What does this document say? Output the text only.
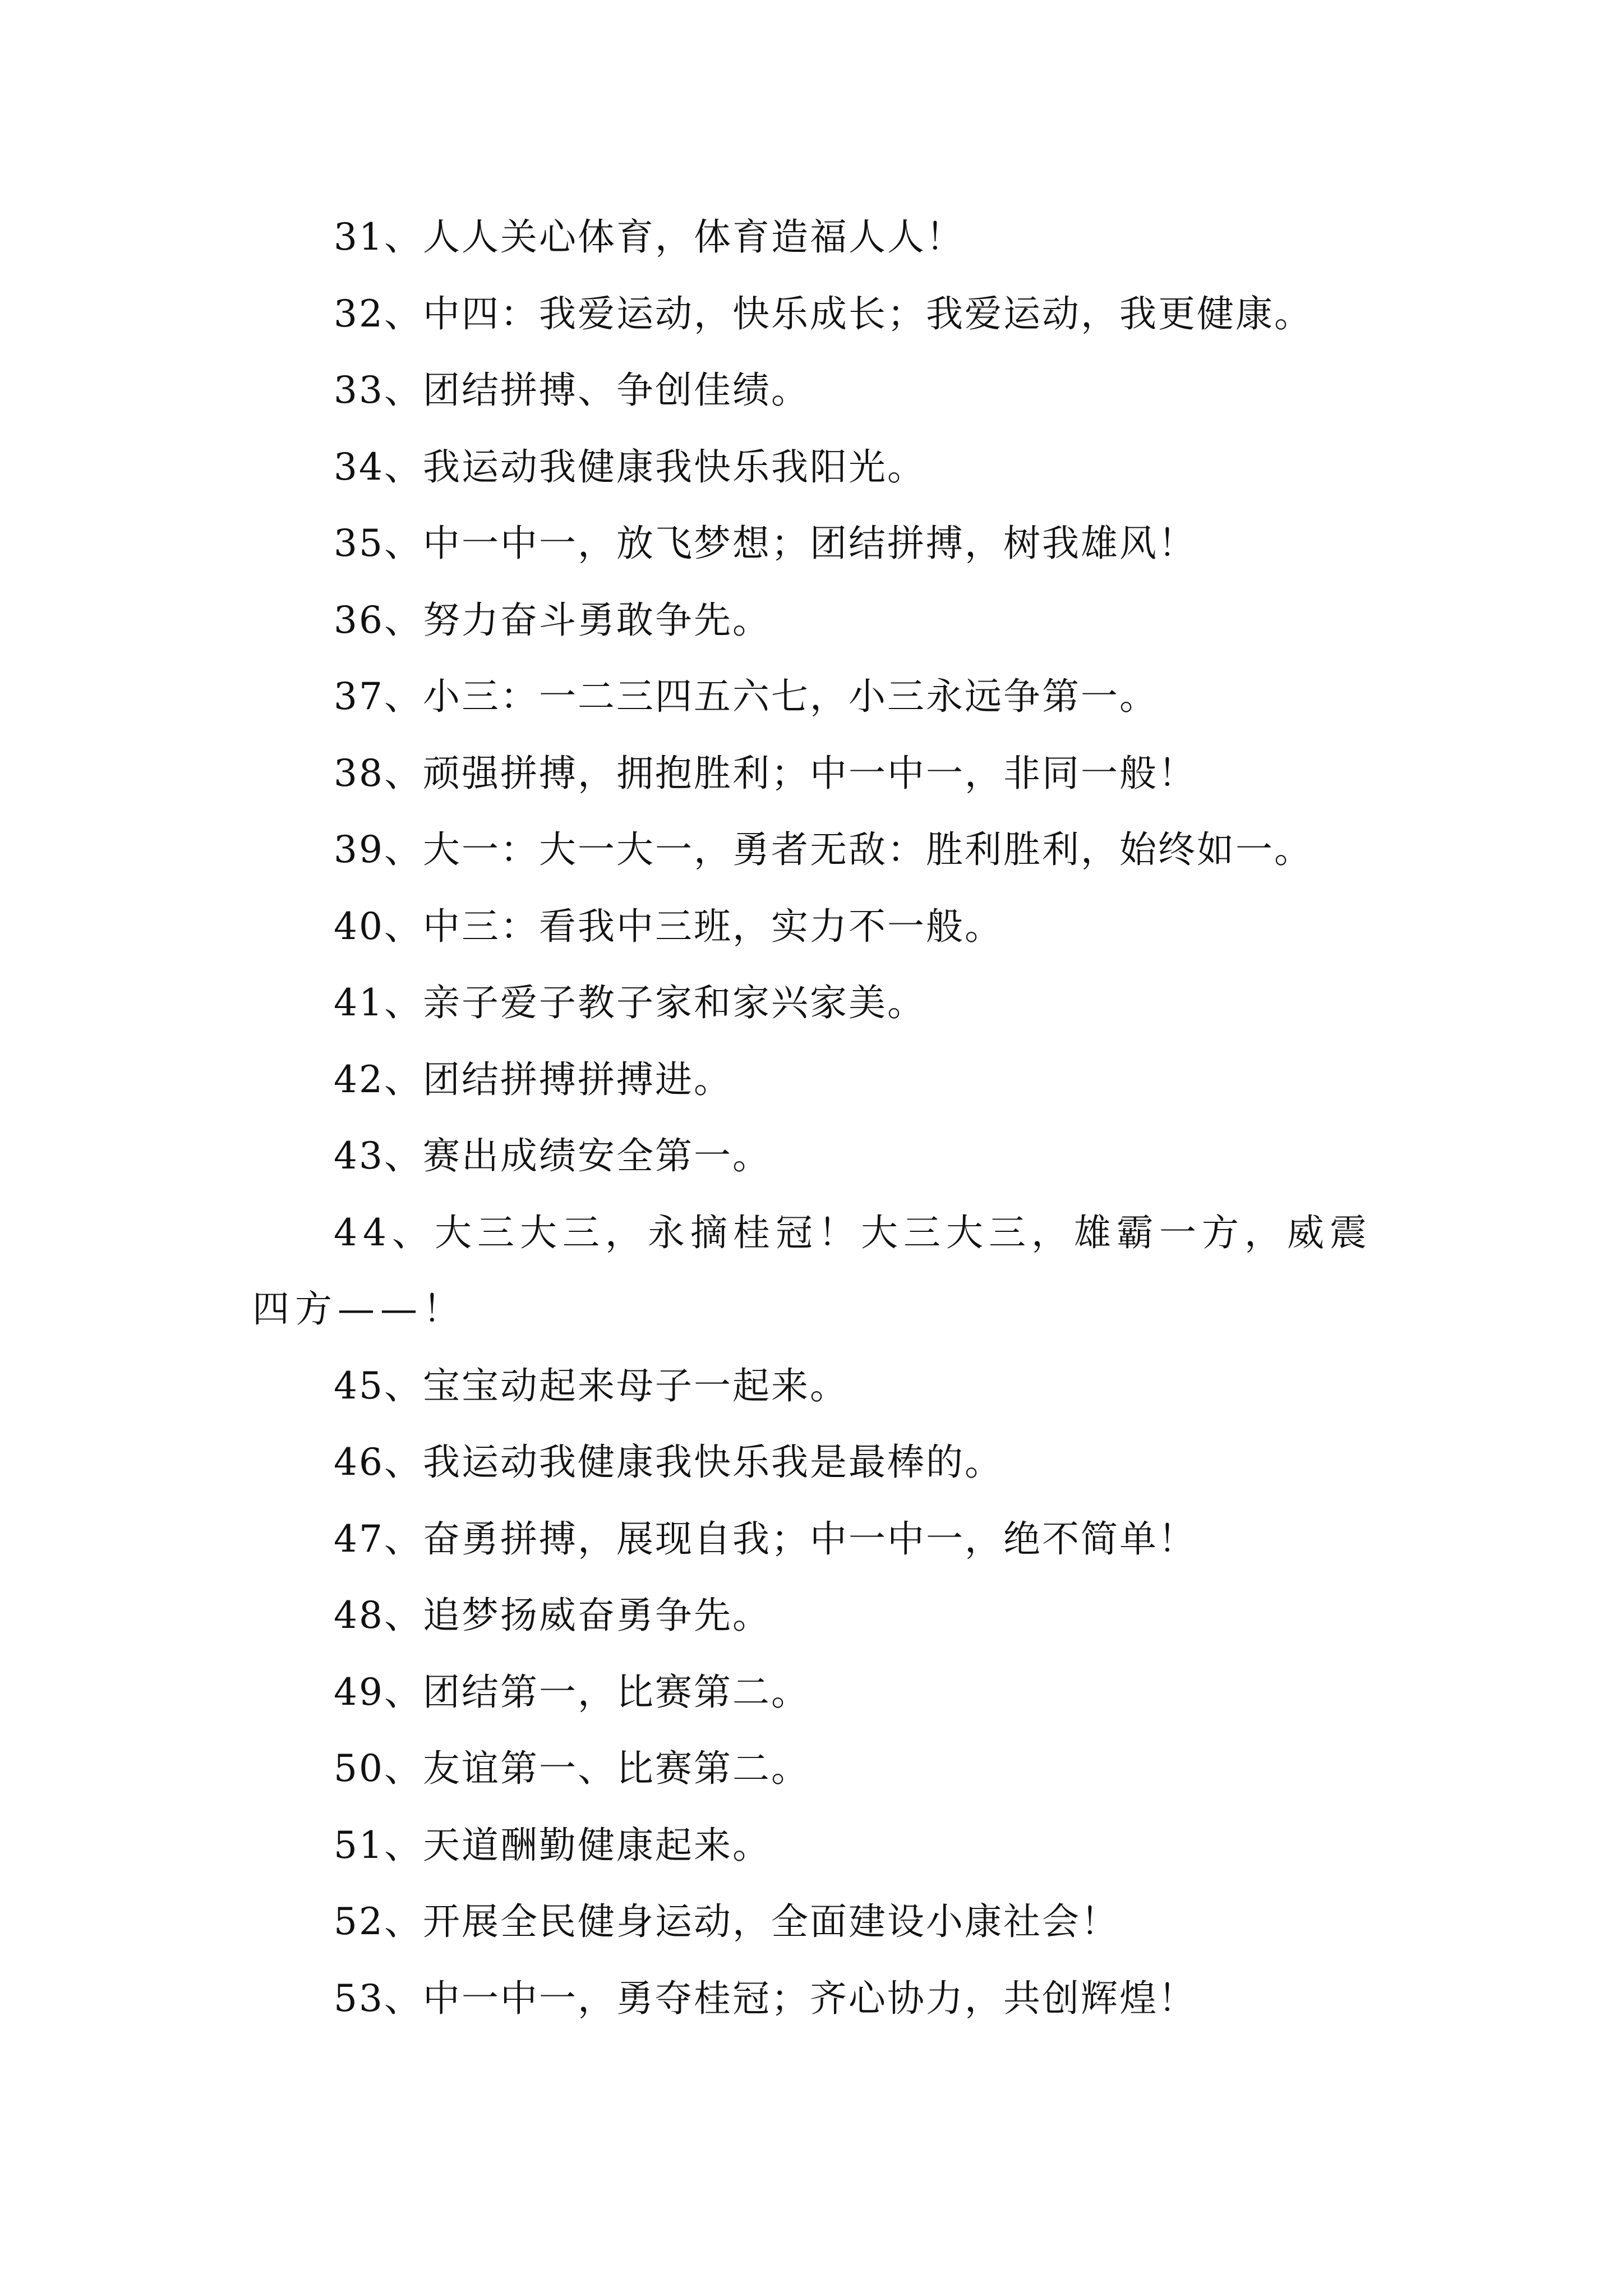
31、人人关心体育，体育造福人人！
32、中四：我爱运动，快乐成长；我爱运动，我更健康。
33、团结拼搏、争创佳绩。
34、我运动我健康我快乐我阳光。
35、中一中一，放飞梦想；团结拼搏，树我雄风！
36、努力奋斗勇敢争先。
37、小三：一二三四五六七，小三永远争第一。
38、顽强拼搏，拥抱胜利；中一中一，非同一般！
39、大一：大一大一，勇者无敌：胜利胜利，始终如一。
40、中三：看我中三班，实力不一般。
41、亲子爱子教子家和家兴家美。
42、团结拼搏拼搏进。
43、赛出成绩安全第一。
44、大三大三，永摘桂冠！大三大三，雄霸一方，威震四方——！
45、宝宝动起来母子一起来。
46、我运动我健康我快乐我是最棒的。
47、奋勇拼搏，展现自我；中一中一，绝不简单！
48、追梦扬威奋勇争先。
49、团结第一，比赛第二。
50、友谊第一、比赛第二。
51、天道酬勤健康起来。
52、开展全民健身运动，全面建设小康社会！
53、中一中一，勇夺桂冠；齐心协力，共创辉煌！
